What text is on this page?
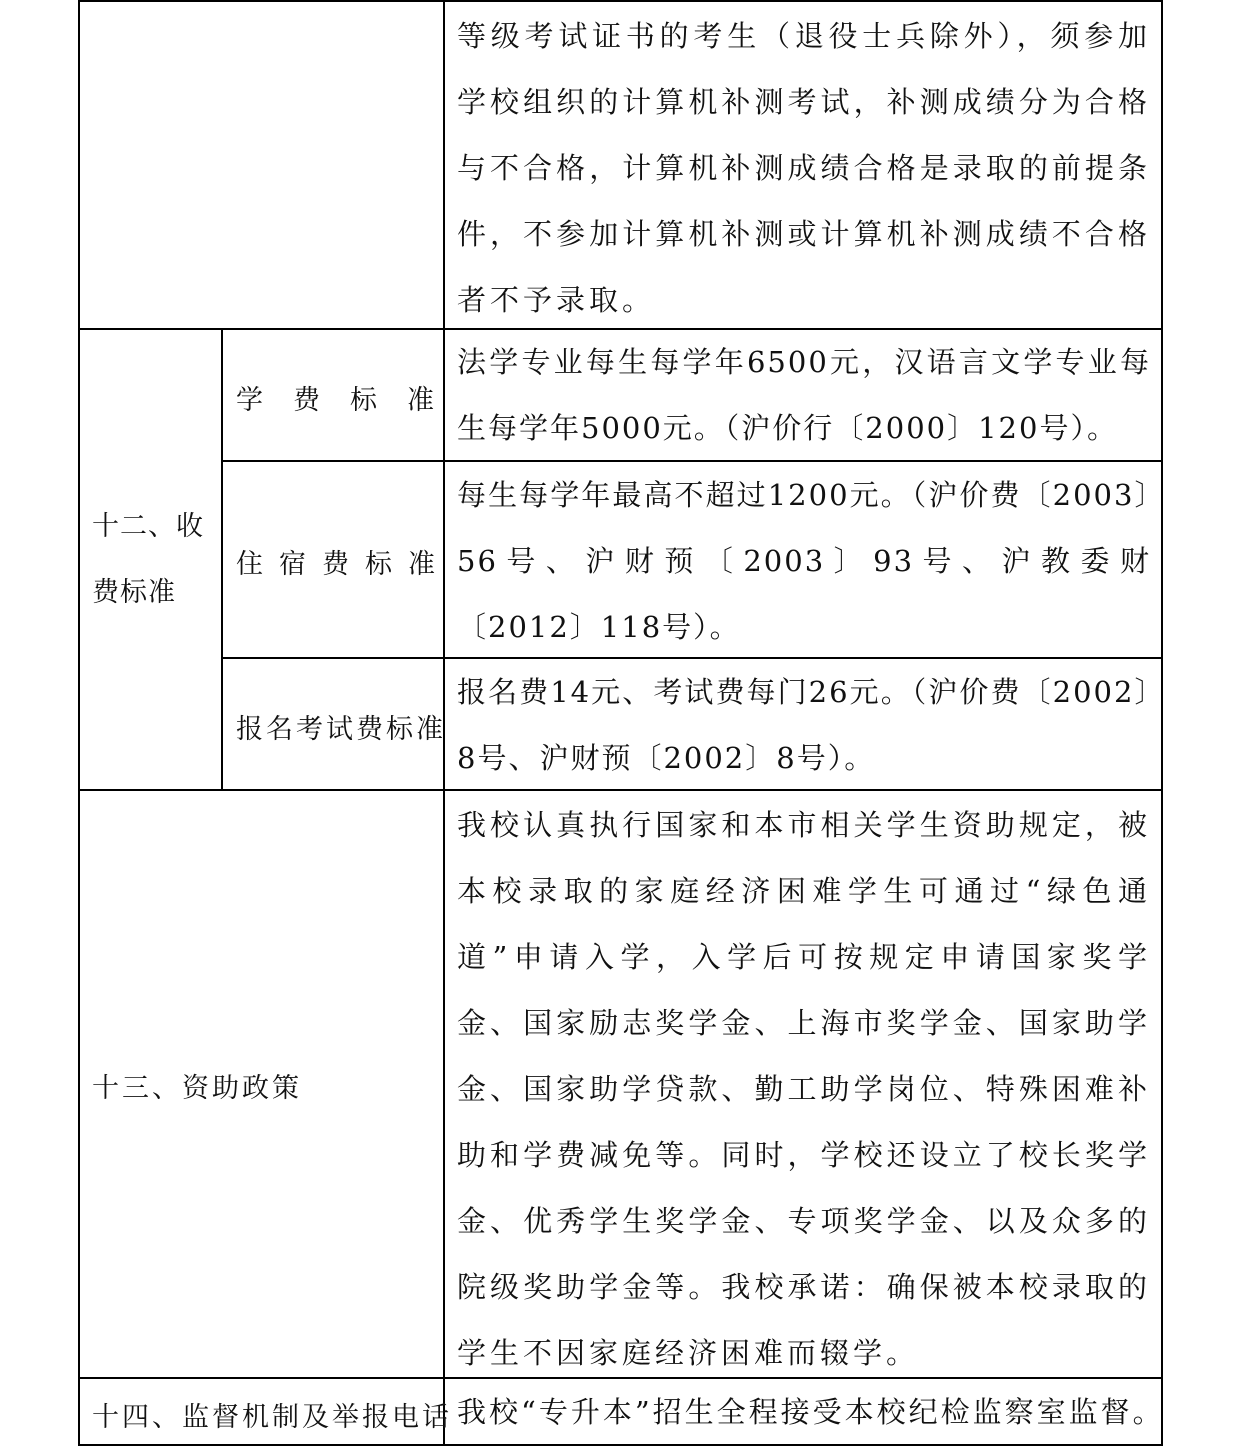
等级考试证书的考生（退役士兵除外），须参加学校组织的计算机补测考试，补测成绩分为合格与不合格，计算机补测成绩合格是录取的前提条件，不参加计算机补测或计算机补测成绩不合格者不予录取。

十二、收费标准

学费标准

法学专业每生每学年6500元，汉语言文学专业每生每学年5000元。（沪价行〔2000〕120号）。

住宿费标准

每生每学年最高不超过1200元。（沪价费〔2003〕56号、沪财预〔2003〕93号、沪教委财〔2012〕118号）。

报名考试费标准

报名费14元、考试费每门26元。（沪价费〔2002〕8号、沪财预〔2002〕8号）。

十三、资助政策

我校认真执行国家和本市相关学生资助规定，被本校录取的家庭经济困难学生可通过“绿色通道”申请入学，入学后可按规定申请国家奖学金、国家励志奖学金、上海市奖学金、国家助学金、国家助学贷款、勤工助学岗位、特殊困难补助和学费减免等。同时，学校还设立了校长奖学金、优秀学生奖学金、专项奖学金、以及众多的院级奖助学金等。我校承诺：确保被本校录取的学生不因家庭经济困难而辍学。

十四、监督机制及举报电话 我校“专升本”招生全程接受本校纪检监察室监督。
